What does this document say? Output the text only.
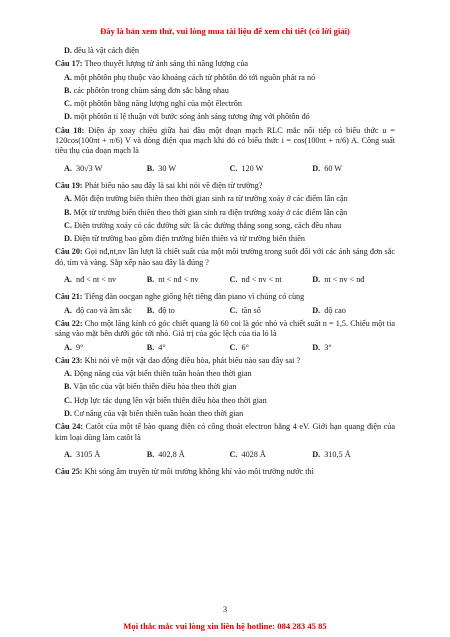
Đây là bản xem thử, vui lòng mua tài liệu để xem chi tiết (có lời giải)
D. đều là vật cách điện
Câu 17: Theo thuyết lượng tử ánh sáng thì năng lượng của
A. một phôtôn phụ thuộc vào khoảng cách từ phôtôn đó tới nguồn phát ra nó
B. các phôtôn trong chùm sáng đơn sắc bằng nhau
C. một phôtôn bằng năng lượng nghỉ của một êlectrôn
D. một phôtôn tỉ lệ thuận với bước sóng ánh sáng tương ứng với phôtôn đó
Câu 18: Điện áp xoay chiều giữa hai đầu một đoạn mạch RLC mắc nối tiếp có biểu thức u = 120cos(100πt + π/6) V và dòng điện qua mạch khi đó có biểu thức i = cos(100πt + π/6) A. Công suất tiêu thụ của đoạn mạch là
A. 30√3 W	B. 30 W	C. 120 W	D. 60 W
Câu 19: Phát biểu nào sau đây là sai khi nói về điện từ trường?
A. Một điện trường biến thiên theo thời gian sinh ra từ trường xoáy ở các điểm lân cận
B. Một từ trường biến thiên theo thời gian sinh ra điện trường xoáy ở các điểm lân cận
C. Điện trường xoáy có các đường sức là các đường thẳng song song, cách đều nhau
D. Điện từ trường bao gồm điện trường biến thiên và từ trường biến thiên
Câu 20: Gọi nđ,nt,nv lần lượt là chiết suất của một môi trường trong suốt đối với các ánh sáng đơn sắc đỏ, tím và vàng. Sắp xếp nào sau đây là đúng ?
A. nđ < nt < nv	B. nt < nđ < nv	C. nđ < nv < nt	D. nt < nv < nđ
Câu 21: Tiếng đàn oocgan nghe giống hệt tiếng đàn piano vì chúng có cùng
A. độ cao và âm sắc	B. độ to	C. tần số	D. độ cao
Câu 22: Cho một lăng kính có góc chiết quang là 60 coi là góc nhỏ và chiết suất n = 1,5. Chiếu một tia sáng vào mặt bên dưới góc tới nhỏ. Giá trị của góc lệch của tia ló là
A. 9°	B. 4°	C. 6°	D. 3°
Câu 23: Khi nói về một vật dao động điều hòa, phát biểu nào sau đây sai ?
A. Động năng của vật biến thiên tuần hoàn theo thời gian
B. Vận tốc của vật biến thiên điều hòa theo thời gian
C. Hợp lực tác dụng lên vật biến thiên điều hòa theo thời gian
D. Cơ năng của vật biến thiên tuần hoàn theo thời gian
Câu 24: Catôt của một tế bào quang điện có công thoát electron bằng 4 eV. Giới hạn quang điện của kim loại dùng làm catôt là
A. 3105 Å	B. 402,8 Å	C. 4028 Å	D. 310,5 Å
Câu 25: Khi sóng âm truyền từ môi trường không khí vào môi trường nước thì
3
Mọi thắc mắc vui lòng xin liên hệ hotline: 084 283 45 85
